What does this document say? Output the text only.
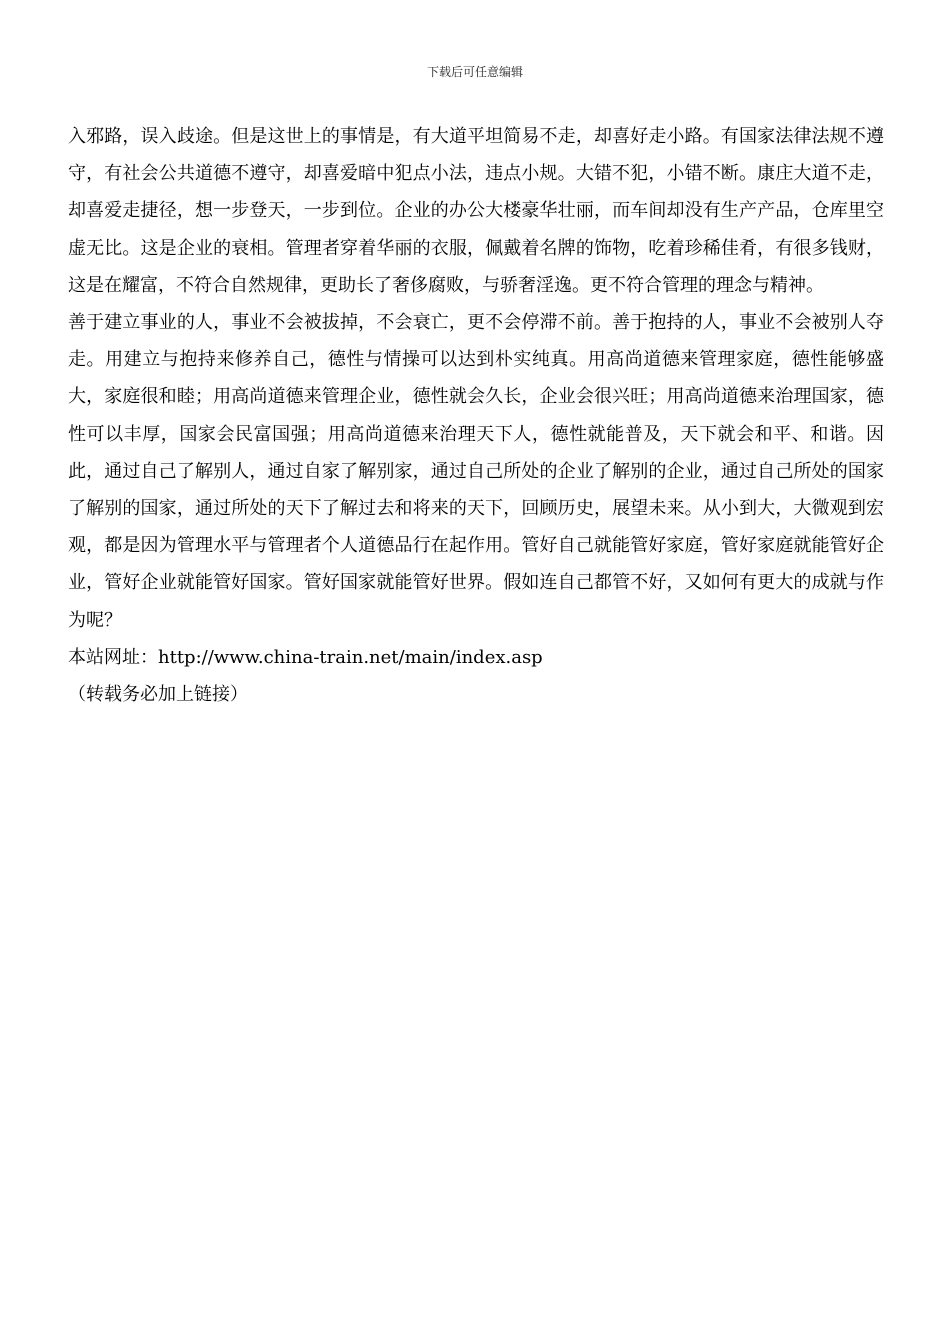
下载后可任意编辑

入邪路，误入歧途。但是这世上的事情是，有大道平坦简易不走，却喜好走小路。有国家法律法规不遵守，有社会公共道德不遵守，却喜爱暗中犯点小法，违点小规。大错不犯，小错不断。康庄大道不走，却喜爱走捷径，想一步登天，一步到位。企业的办公大楼豪华壮丽，而车间却没有生产产品，仓库里空虚无比。这是企业的衰相。管理者穿着华丽的衣服，佩戴着名牌的饰物，吃着珍稀佳肴，有很多钱财，这是在耀富，不符合自然规律，更助长了奢侈腐败，与骄奢淫逸。更不符合管理的理念与精神。

善于建立事业的人，事业不会被拔掉，不会衰亡，更不会停滞不前。善于抱持的人，事业不会被别人夺走。用建立与抱持来修养自己，德性与情操可以达到朴实纯真。用高尚道德来管理家庭，德性能够盛大，家庭很和睦；用高尚道德来管理企业，德性就会久长，企业会很兴旺；用高尚道德来治理国家，德性可以丰厚，国家会民富国强；用高尚道德来治理天下人，德性就能普及，天下就会和平、和谐。因此，通过自己了解别人，通过自家了解别家，通过自己所处的企业了解别的企业，通过自己所处的国家了解别的国家，通过所处的天下了解过去和将来的天下，回顾历史，展望未来。从小到大，大微观到宏观，都是因为管理水平与管理者个人道德品行在起作用。管好自己就能管好家庭，管好家庭就能管好企业，管好企业就能管好国家。管好国家就能管好世界。假如连自己都管不好，又如何有更大的成就与作为呢？

本站网址：http://www.china-train.net/main/index.asp
（转载务必加上链接）
